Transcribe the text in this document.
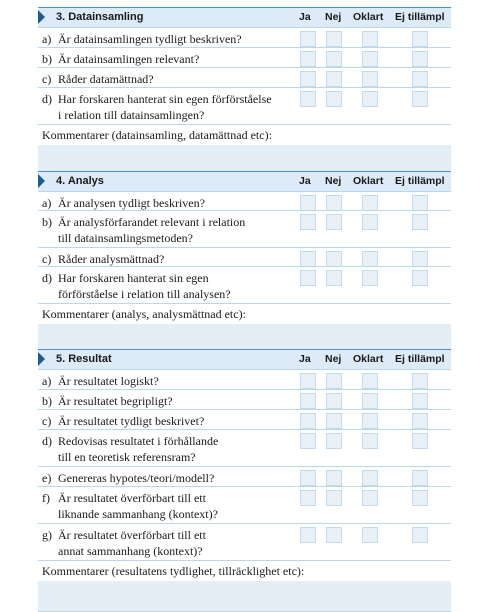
3. Datainsamling	Ja Nej Oklart Ej tillämpl
a) Är datainsamlingen tydligt beskriven?
b) Är datainsamlingen relevant?
c) Råder datamättnad?
d) Har forskaren hanterat sin egen förförståelse
i relation till datainsamlingen?
Kommentarer (datainsamling, datamättnad etc):
4. Analys	Ja Nej Oklart Ej tillämpl
a) Är analysen tydligt beskriven?
b) Är analysförfarandet relevant i relation
till datainsamlingsmetoden?
c) Råder analysmättnad?
d) Har forskaren hanterat sin egen
förförståelse i relation till analysen?
Kommentarer (analys, analysmättnad etc):
5. Resultat	Ja Nej Oklart Ej tillämpl
a) Är resultatet logiskt?
b) Är resultatet begripligt?
c) Är resultatet tydligt beskrivet?
d) Redovisas resultatet i förhållande
till en teoretisk referensram?
e) Genereras hypotes/teori/modell?
f) Är resultatet överförbart till ett
liknande sammanhang (kontext)?
g) Är resultatet överförbart till ett
annat sammanhang (kontext)?
Kommentarer (resultatens tydlighet, tillräcklighet etc):
